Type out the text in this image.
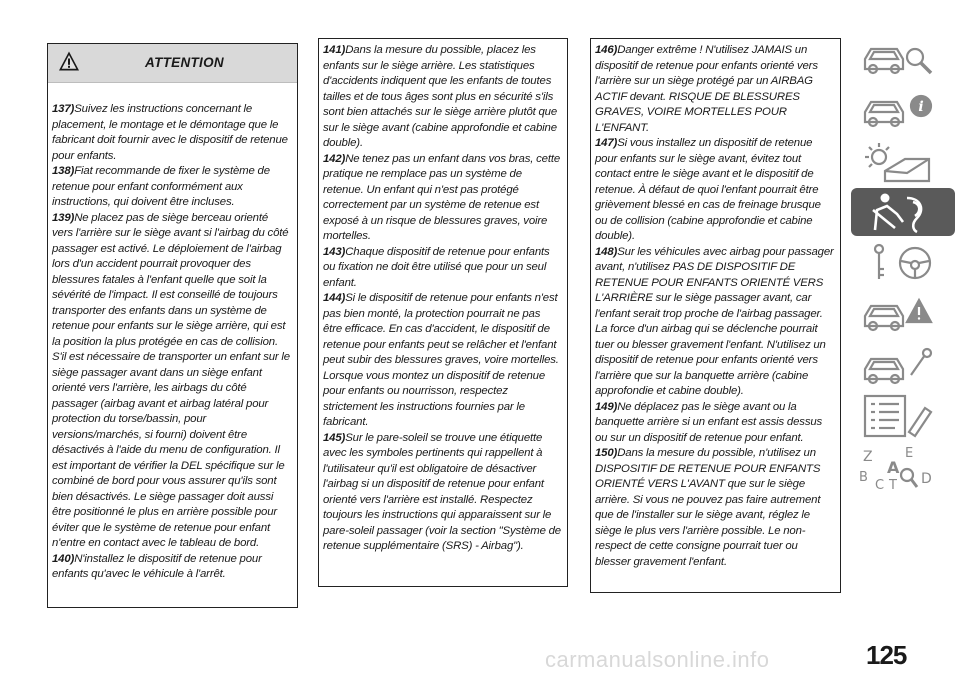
ATTENTION
137)Suivez les instructions concernant le placement, le montage et le démontage que le fabricant doit fournir avec le dispositif de retenue pour enfants.
138)Fiat recommande de fixer le système de retenue pour enfant conformément aux instructions, qui doivent être incluses.
139)Ne placez pas de siège berceau orienté vers l'arrière sur le siège avant si l'airbag du côté passager est activé. Le déploiement de l'airbag lors d'un accident pourrait provoquer des blessures fatales à l'enfant quelle que soit la sévérité de l'impact. Il est conseillé de toujours transporter des enfants dans un système de retenue pour enfants sur le siège arrière, qui est la position la plus protégée en cas de collision. S'il est nécessaire de transporter un enfant sur le siège passager avant dans un siège enfant orienté vers l'arrière, les airbags du côté passager (airbag avant et airbag latéral pour protection du torse/bassin, pour versions/marchés, si fourni) doivent être désactivés à l'aide du menu de configuration. Il est important de vérifier la DEL spécifique sur le combiné de bord pour vous assurer qu'ils sont bien désactivés. Le siège passager doit aussi être positionné le plus en arrière possible pour éviter que le système de retenue pour enfant n'entre en contact avec le tableau de bord.
140)N'installez le dispositif de retenue pour enfants qu'avec le véhicule à l'arrêt.
141)Dans la mesure du possible, placez les enfants sur le siège arrière. Les statistiques d'accidents indiquent que les enfants de toutes tailles et de tous âges sont plus en sécurité s'ils sont bien attachés sur le siège arrière plutôt que sur le siège avant (cabine approfondie et cabine double).
142)Ne tenez pas un enfant dans vos bras, cette pratique ne remplace pas un système de retenue. Un enfant qui n'est pas protégé correctement par un système de retenue est exposé à un risque de blessures graves, voire mortelles.
143)Chaque dispositif de retenue pour enfants ou fixation ne doit être utilisé que pour un seul enfant.
144)Si le dispositif de retenue pour enfants n'est pas bien monté, la protection pourrait ne pas être efficace. En cas d'accident, le dispositif de retenue pour enfants peut se relâcher et l'enfant peut subir des blessures graves, voire mortelles. Lorsque vous montez un dispositif de retenue pour enfants ou nourrisson, respectez strictement les instructions fournies par le fabricant.
145)Sur le pare-soleil se trouve une étiquette avec les symboles pertinents qui rappellent à l'utilisateur qu'il est obligatoire de désactiver l'airbag si un dispositif de retenue pour enfant orienté vers l'arrière est installé. Respectez toujours les instructions qui apparaissent sur le pare-soleil passager (voir la section "Système de retenue supplémentaire (SRS) - Airbag").
146)Danger extrême ! N'utilisez JAMAIS un dispositif de retenue pour enfants orienté vers l'arrière sur un siège protégé par un AIRBAG ACTIF devant. RISQUE DE BLESSURES GRAVES, VOIRE MORTELLES POUR L'ENFANT.
147)Si vous installez un dispositif de retenue pour enfants sur le siège avant, évitez tout contact entre le siège avant et le dispositif de retenue. À défaut de quoi l'enfant pourrait être grièvement blessé en cas de freinage brusque ou de collision (cabine approfondie et cabine double).
148)Sur les véhicules avec airbag pour passager avant, n'utilisez PAS DE DISPOSITIF DE RETENUE POUR ENFANTS ORIENTÉ VERS L'ARRIÈRE sur le siège passager avant, car l'enfant serait trop proche de l'airbag passager. La force d'un airbag qui se déclenche pourrait tuer ou blesser gravement l'enfant. N'utilisez un dispositif de retenue pour enfants orienté vers l'arrière que sur la banquette arrière (cabine approfondie et cabine double).
149)Ne déplacez pas le siège avant ou la banquette arrière si un enfant est assis dessus ou sur un dispositif de retenue pour enfant.
150)Dans la mesure du possible, n'utilisez un DISPOSITIF DE RETENUE POUR ENFANTS ORIENTÉ VERS L'AVANT que sur le siège arrière. Si vous ne pouvez pas faire autrement que de l'installer sur le siège avant, réglez le siège le plus vers l'arrière possible. Le non-respect de cette consigne pourrait tuer ou blesser gravement l'enfant.
i
Z E
A
B
C T D
carmanualsonline.info	125
